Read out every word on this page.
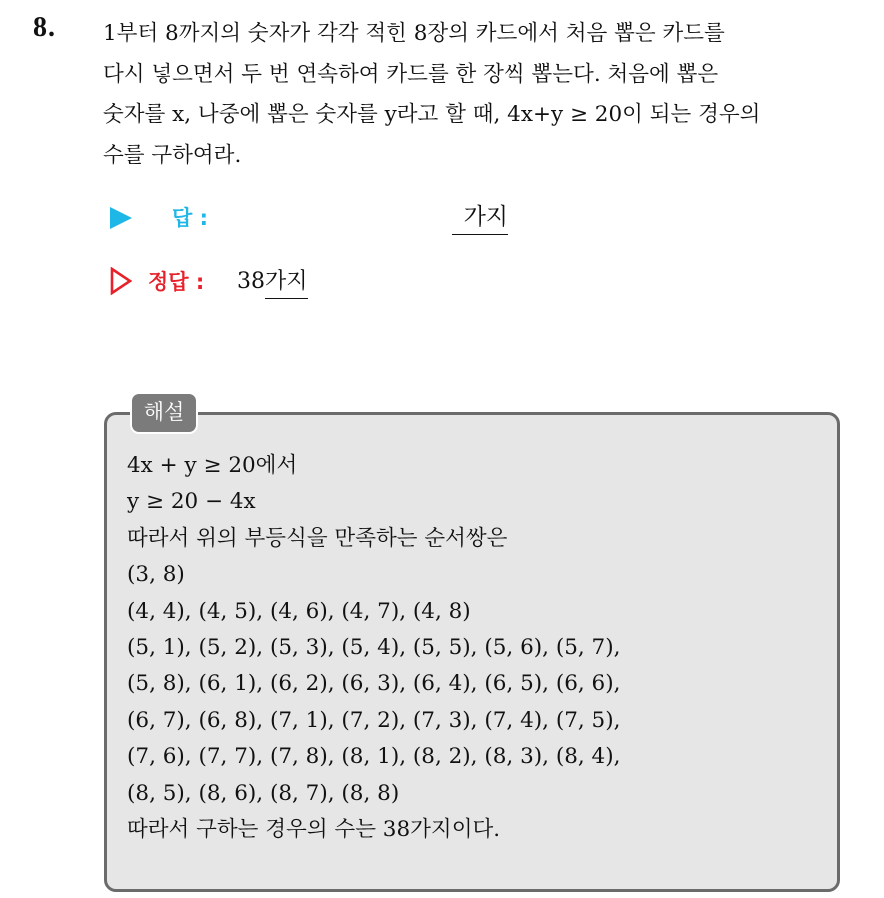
8. 1부터 8까지의 숫자가 각각 적힌 8장의 카드에서 처음 뽑은 카드를
다시 넣으면서 두 번 연속하여 카드를 한 장씩 뽑는다. 처음에 뽑은
숫자를 x, 나중에 뽑은 숫자를 y라고 할 때, 4x+y ≥ 20이 되는 경우의
수를 구하여라.
답 :	가지
정답 : 38가지
해설
4x + y ≥ 20에서
y ≥ 20 − 4x
따라서 위의 부등식을 만족하는 순서쌍은
(3, 8)
(4, 4), (4, 5), (4, 6), (4, 7), (4, 8)
(5, 1), (5, 2), (5, 3), (5, 4), (5, 5), (5, 6), (5, 7),
(5, 8), (6, 1), (6, 2), (6, 3), (6, 4), (6, 5), (6, 6),
(6, 7), (6, 8), (7, 1), (7, 2), (7, 3), (7, 4), (7, 5),
(7, 6), (7, 7), (7, 8), (8, 1), (8, 2), (8, 3), (8, 4),
(8, 5), (8, 6), (8, 7), (8, 8)
따라서 구하는 경우의 수는 38가지이다.
